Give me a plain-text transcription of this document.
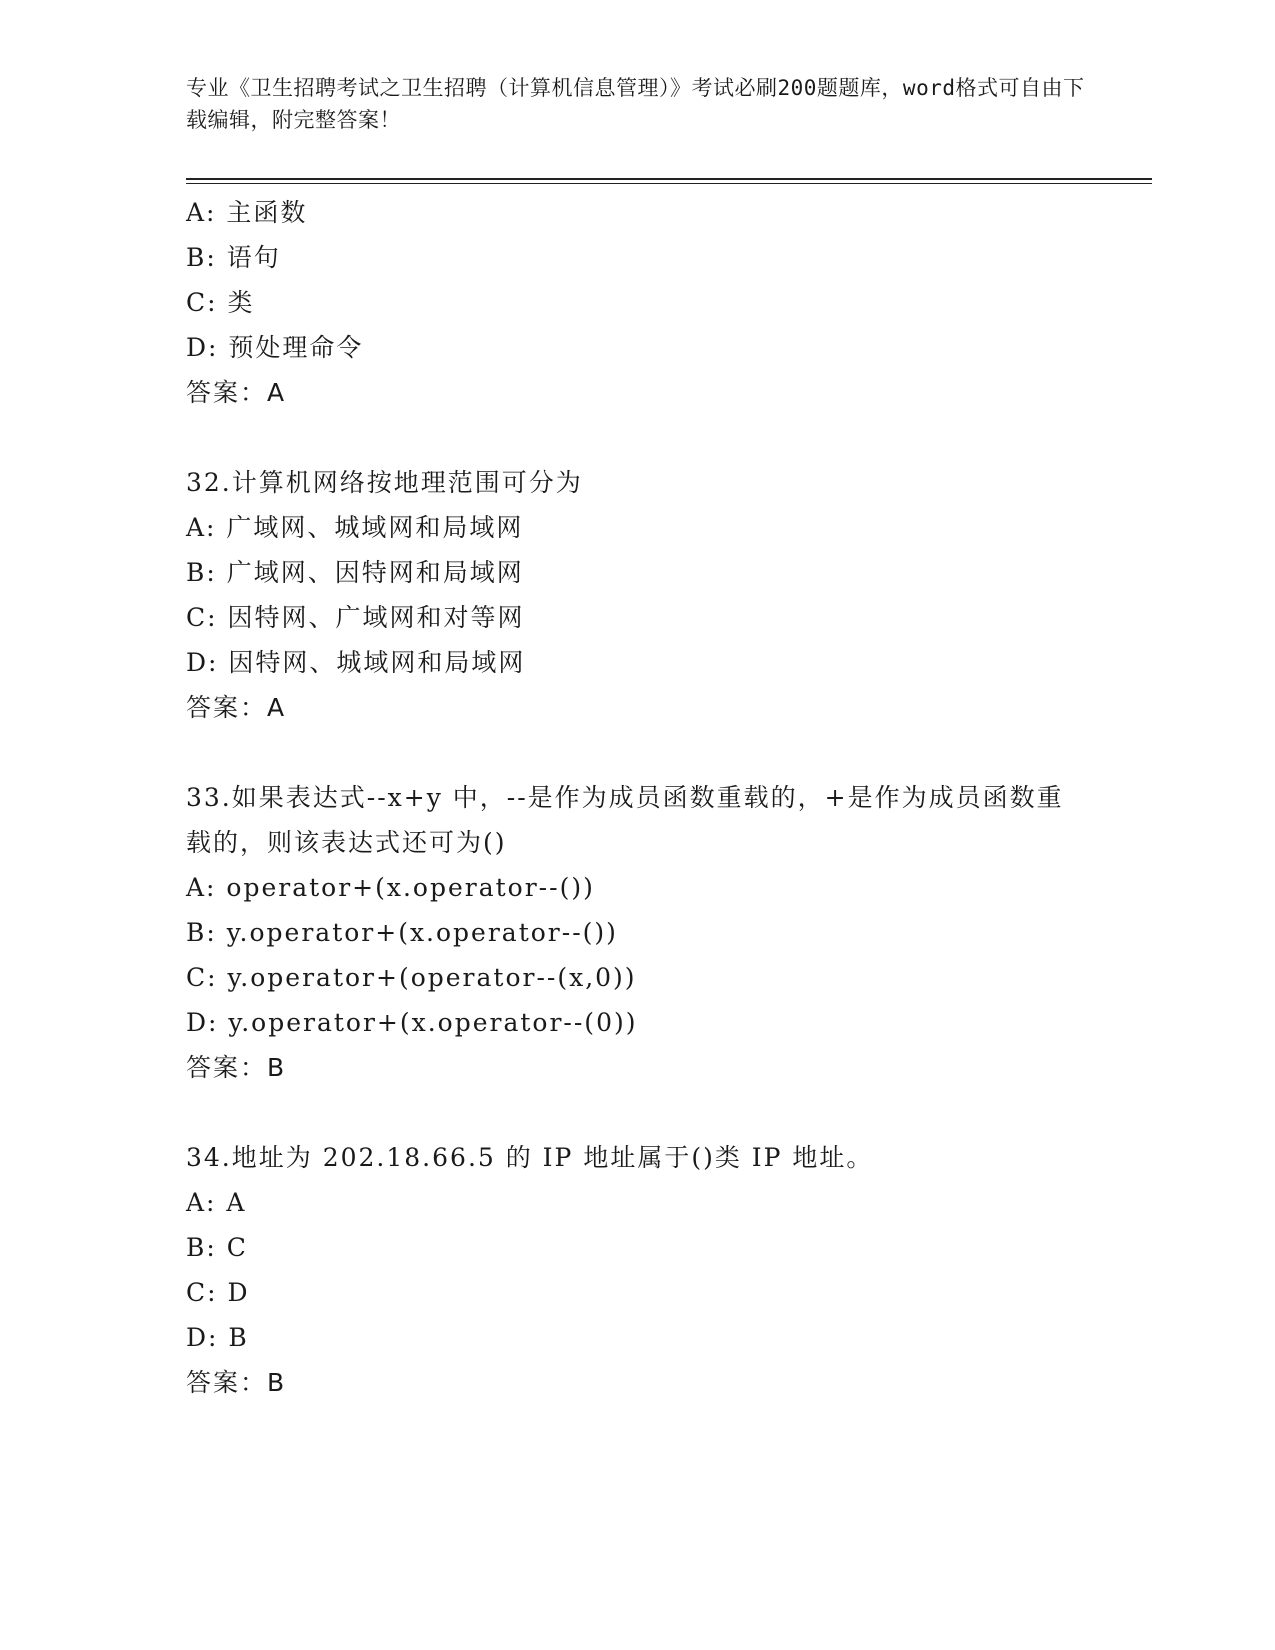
专业《卫生招聘考试之卫生招聘（计算机信息管理）》考试必刷200题题库，word格式可自由下载编辑，附完整答案！
A: 主函数
B: 语句
C: 类
D: 预处理命令
答案：A
32.计算机网络按地理范围可分为
A: 广域网、城域网和局域网
B: 广域网、因特网和局域网
C: 因特网、广域网和对等网
D: 因特网、城域网和局域网
答案：A
33.如果表达式--x+y 中，--是作为成员函数重载的，+是作为成员函数重载的，则该表达式还可为()
A: operator+(x.operator--())
B: y.operator+(x.operator--())
C: y.operator+(operator--(x,0))
D: y.operator+(x.operator--(0))
答案：B
34.地址为 202.18.66.5 的 IP 地址属于()类 IP 地址。
A: A
B: C
C: D
D: B
答案：B
